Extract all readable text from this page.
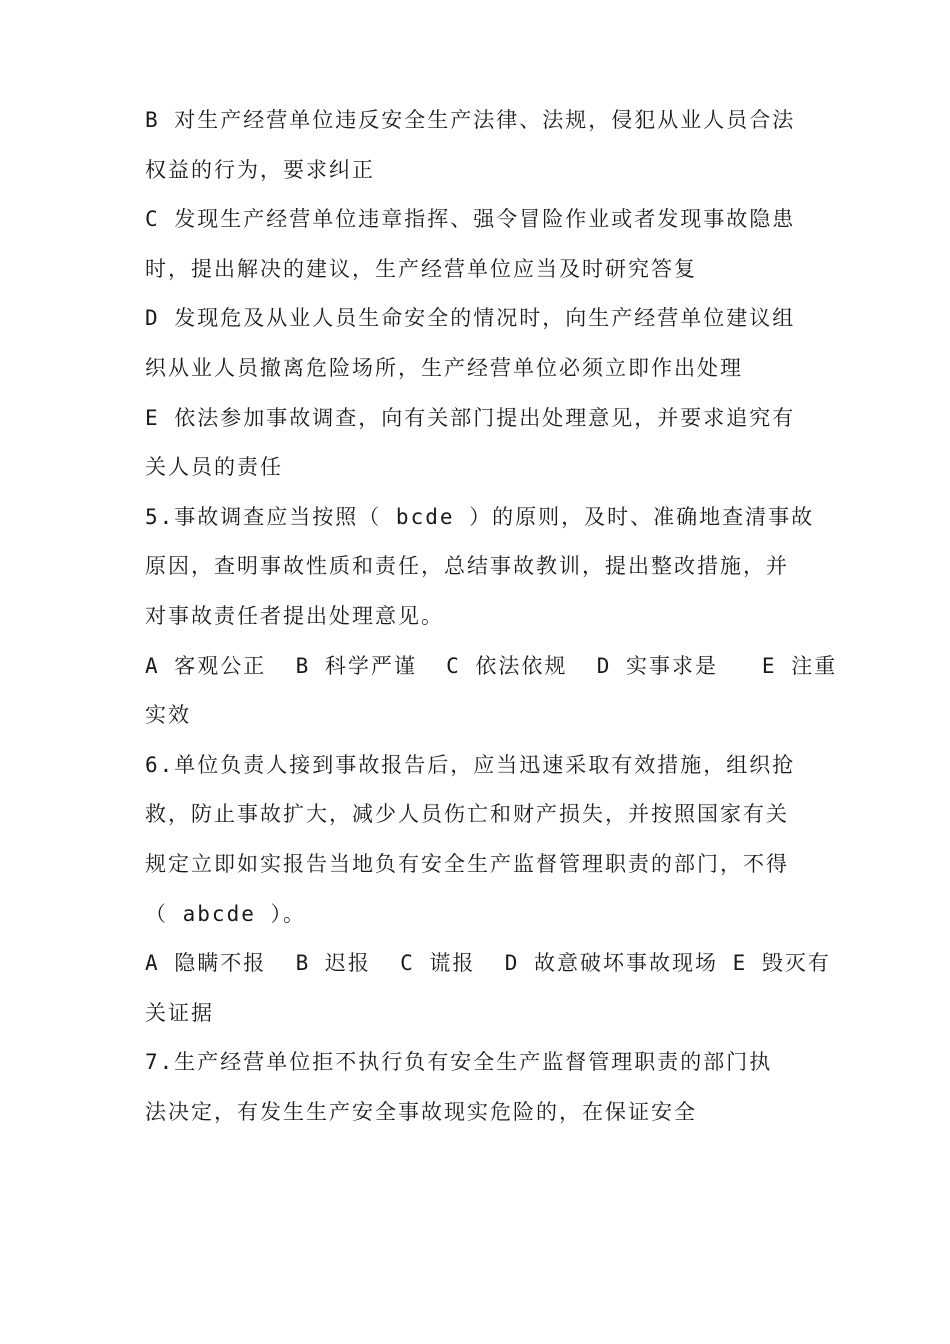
B 对生产经营单位违反安全生产法律、法规，侵犯从业人员合法
权益的行为，要求纠正
C 发现生产经营单位违章指挥、强令冒险作业或者发现事故隐患
时，提出解决的建议，生产经营单位应当及时研究答复
D 发现危及从业人员生命安全的情况时，向生产经营单位建议组
织从业人员撤离危险场所，生产经营单位必须立即作出处理
E 依法参加事故调查，向有关部门提出处理意见，并要求追究有
关人员的责任
5.事故调查应当按照（ bcde ）的原则，及时、准确地查清事故
原因，查明事故性质和责任，总结事故教训，提出整改措施，并
对事故责任者提出处理意见。
A 客观公正  B 科学严谨  C 依法依规  D 实事求是   E 注重
实效
6.单位负责人接到事故报告后，应当迅速采取有效措施，组织抢
救，防止事故扩大，减少人员伤亡和财产损失，并按照国家有关
规定立即如实报告当地负有安全生产监督管理职责的部门，不得
（ abcde ）。
A 隐瞒不报  B 迟报  C 谎报  D 故意破坏事故现场 E 毁灭有
关证据
7.生产经营单位拒不执行负有安全生产监督管理职责的部门执
法决定，有发生生产安全事故现实危险的，在保证安全
